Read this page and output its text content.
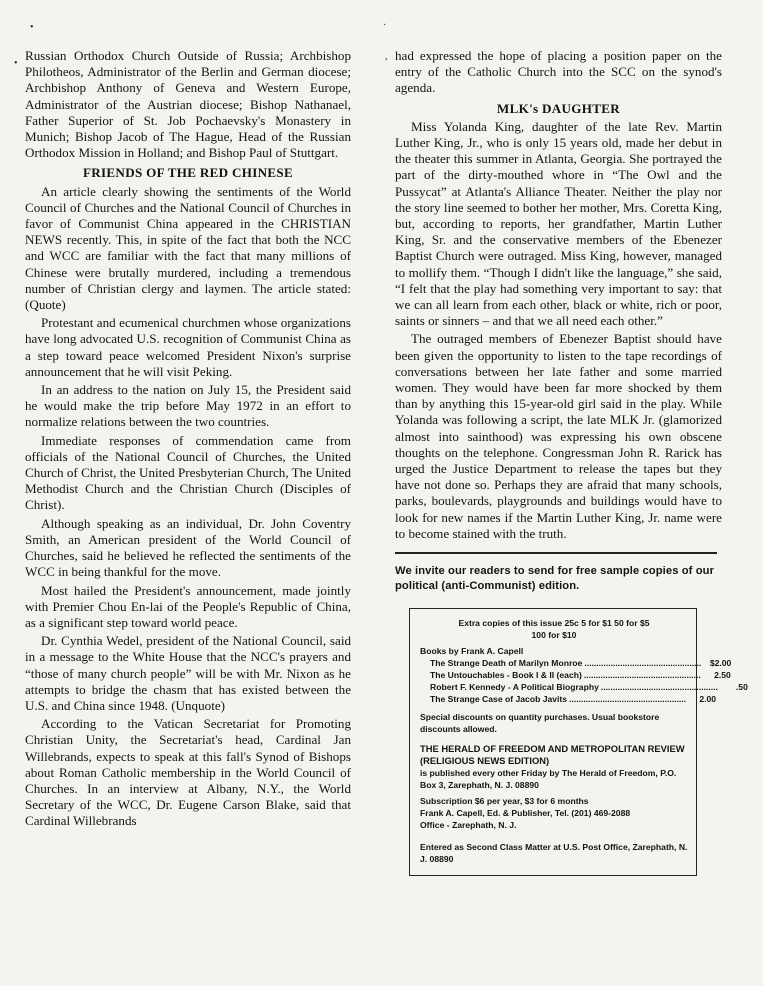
•
•
·
,

Russian Orthodox Church Outside of Russia; Archbishop Philotheos, Administrator of the Berlin and German diocese; Archbishop Anthony of Geneva and Western Europe, Administrator of the Austrian diocese; Bishop Nathanael, Father Superior of St. Job Pochaevsky's Monastery in Munich; Bishop Jacob of The Hague, Head of the Russian Orthodox Mission in Holland; and Bishop Paul of Stuttgart.

FRIENDS OF THE RED CHINESE

An article clearly showing the sentiments of the World Council of Churches and the National Council of Churches in favor of Communist China appeared in the CHRISTIAN NEWS recently. This, in spite of the fact that both the NCC and WCC are familiar with the fact that many millions of Chinese were brutally murdered, including a tremendous number of Christian clergy and laymen. The article stated: (Quote)

Protestant and ecumenical churchmen whose organizations have long advocated U.S. recognition of Communist China as a step toward peace welcomed President Nixon's surprise announcement that he will visit Peking.

In an address to the nation on July 15, the President said he would make the trip before May 1972 in an effort to normalize relations between the two countries.

Immediate responses of commendation came from officials of the National Council of Churches, the United Church of Christ, the United Presbyterian Church, The United Methodist Church and the Christian Church (Disciples of Christ).

Although speaking as an individual, Dr. John Coventry Smith, an American president of the World Council of Churches, said he believed he reflected the sentiments of the WCC in being thankful for the move.

Most hailed the President's announcement, made jointly with Premier Chou En-lai of the People's Republic of China, as a significant step toward world peace.

Dr. Cynthia Wedel, president of the National Council, said in a message to the White House that the NCC's prayers and “those of many church people” will be with Mr. Nixon as he attempts to bridge the chasm that has existed between the U.S. and China since 1948. (Unquote)

According to the Vatican Secretariat for Promoting Christian Unity, the Secretariat's head, Cardinal Jan Willebrands, expects to speak at this fall's Synod of Bishops about Roman Catholic membership in the World Council of Churches. In an interview at Albany, N.Y., the World Secretary of the WCC, Dr. Eugene Carson Blake, said that Cardinal Willebrands

had expressed the hope of placing a position paper on the entry of the Catholic Church into the SCC on the synod's agenda.

MLK's DAUGHTER

Miss Yolanda King, daughter of the late Rev. Martin Luther King, Jr., who is only 15 years old, made her debut in the theater this summer in Atlanta, Georgia. She portrayed the part of the dirty-mouthed whore in “The Owl and the Pussycat” at Atlanta's Alliance Theater. Neither the play nor the story line seemed to bother her mother, Mrs. Coretta King, but, according to reports, her grandfather, Martin Luther King, Sr. and the conservative members of the Ebenezer Baptist Church were outraged. Miss King, however, managed to mollify them. “Though I didn't like the language,” she said, “I felt that the play had something very important to say: that we can all learn from each other, black or white, rich or poor, saints or sinners – and that we all need each other.”

The outraged members of Ebenezer Baptist should have been given the opportunity to listen to the tape recordings of conversations between her late father and some married women. They would have been far more shocked by them than by anything this 15-year-old girl said in the play. While Yolanda was following a script, the late MLK Jr. (glamorized almost into sainthood) was expressing his own obscene thoughts on the telephone. Congressman John R. Rarick has urged the Justice Department to release the tapes but they have not done so. Perhaps they are afraid that many schools, parks, boulevards, playgrounds and buildings would have to look for new names if the Martin Luther King, Jr. name were to become stained with the truth.

We invite our readers to send for free sample copies of our political (anti-Communist) edition.

Extra copies of this issue 25c 5 for $1 50 for $5
100 for $10
Books by Frank A. Capell
The Strange Death of Marilyn Monroe ................................................. $2.00
The Untouchables - Book I & II (each) .................................................	2.50
Robert F. Kennedy - A Political Biography .................................................	.50
The Strange Case of Jacob Javits .................................................	2.00
Special discounts on quantity purchases. Usual bookstore discounts allowed.
THE HERALD OF FREEDOM AND METROPOLITAN REVIEW (RELIGIOUS NEWS EDITION)
is published every other Friday by The Herald of Freedom, P.O. Box 3, Zarephath, N. J. 08890
Subscription $6 per year, $3 for 6 months
Frank A. Capell, Ed. & Publisher, Tel. (201) 469-2088
Office - Zarephath, N. J.
Entered as Second Class Matter at U.S. Post Office, Zarephath, N. J. 08890
